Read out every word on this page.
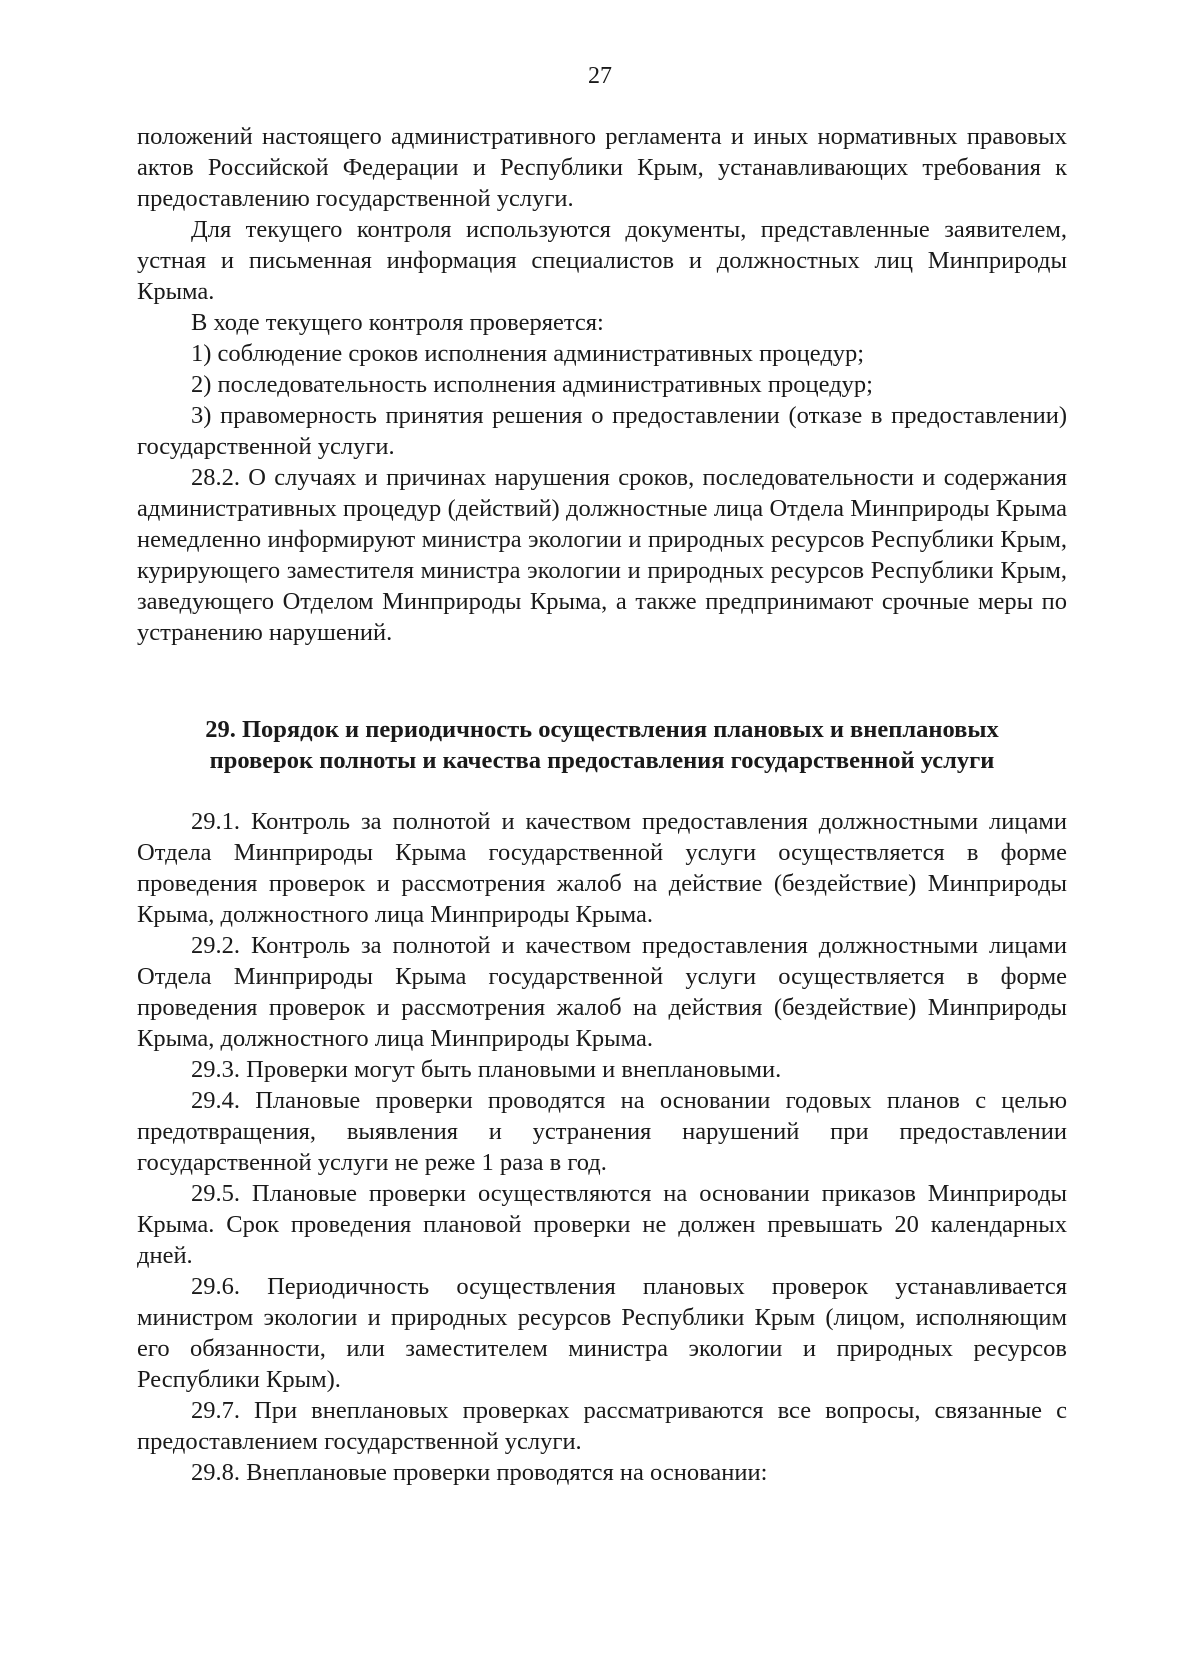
27

положений настоящего административного регламента и иных нормативных правовых актов Российской Федерации и Республики Крым, устанавливающих требования к предоставлению государственной услуги.

Для текущего контроля используются документы, представленные заявителем, устная и письменная информация специалистов и должностных лиц Минприроды Крыма.

В ходе текущего контроля проверяется:

1) соблюдение сроков исполнения административных процедур;

2) последовательность исполнения административных процедур;

3) правомерность принятия решения о предоставлении (отказе в предоставлении) государственной услуги.

28.2. О случаях и причинах нарушения сроков, последовательности и содержания административных процедур (действий) должностные лица Отдела Минприроды Крыма немедленно информируют министра экологии и природных ресурсов Республики Крым, курирующего заместителя министра экологии и природных ресурсов Республики Крым, заведующего Отделом Минприроды Крыма, а также предпринимают срочные меры по устранению нарушений.

29. Порядок и периодичность осуществления плановых и внеплановых
проверок полноты и качества предоставления государственной услуги

29.1. Контроль за полнотой и качеством предоставления должностными лицами Отдела Минприроды Крыма государственной услуги осуществляется в форме проведения проверок и рассмотрения жалоб на действие (бездействие) Минприроды Крыма, должностного лица Минприроды Крыма.

29.2. Контроль за полнотой и качеством предоставления должностными лицами Отдела Минприроды Крыма государственной услуги осуществляется в форме проведения проверок и рассмотрения жалоб на действия (бездействие) Минприроды Крыма, должностного лица Минприроды Крыма.

29.3. Проверки могут быть плановыми и внеплановыми.

29.4. Плановые проверки проводятся на основании годовых планов с целью предотвращения, выявления и устранения нарушений при предоставлении государственной услуги не реже 1 раза в год.

29.5. Плановые проверки осуществляются на основании приказов Минприроды Крыма. Срок проведения плановой проверки не должен превышать 20 календарных дней.

29.6. Периодичность осуществления плановых проверок устанавливается министром экологии и природных ресурсов Республики Крым (лицом, исполняющим его обязанности, или заместителем министра экологии и природных ресурсов Республики Крым).

29.7. При внеплановых проверках рассматриваются все вопросы, связанные с предоставлением государственной услуги.

29.8. Внеплановые проверки проводятся на основании:
